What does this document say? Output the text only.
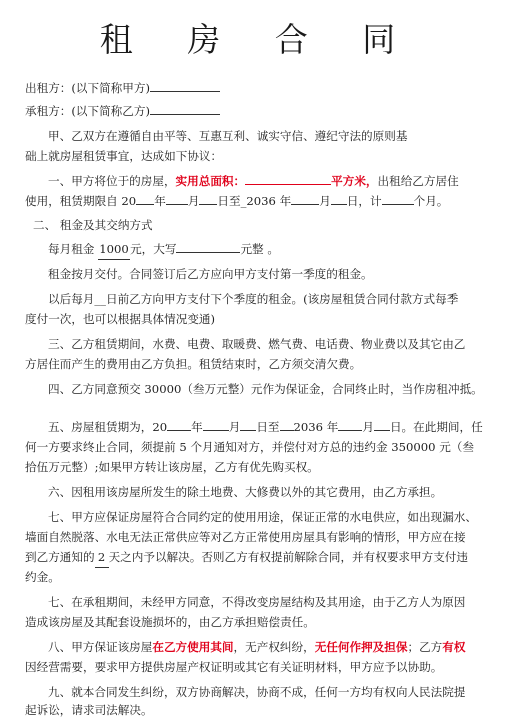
租 房 合 同
出租方：(以下简称甲方)
承租方：(以下简称乙方)
甲、乙双方在遵循自由平等、互惠互利、诚实守信、遵纪守法的原则基
础上就房屋租赁事宜，达成如下协议：
一、甲方将位于的房屋，实用总面积：	平方米，出租给乙方居住
使用，租赁期限自 20 年 月 日至_2036 年 月 日，计	个月。
二、 租金及其交纳方式
每月租金 1000元，大写	元整 。
租金按月交付。合同签订后乙方应向甲方支付第一季度的租金。
以后每月__日前乙方向甲方支付下个季度的租金。(该房屋租赁合同付款方式每季
度付一次，也可以根据具体情况变通)
三、乙方租赁期间，水费、电费、取暖费、燃气费、电话费、物业费以及其它由乙
方居住而产生的费用由乙方负担。租赁结束时，乙方须交清欠费。
四、乙方同意预交 30000（叁万元整）元作为保证金，合同终止时，当作房租冲抵。
五、房屋租赁期为，20 年 月 日至 2036 年 月 日。在此期间，任
何一方要求终止合同，须提前 5 个月通知对方，并偿付对方总的违约金 350000 元（叁
拾伍万元整）;如果甲方转让该房屋，乙方有优先购买权。
六、因租用该房屋所发生的除土地费、大修费以外的其它费用，由乙方承担。
七、甲方应保证房屋符合合同约定的使用用途，保证正常的水电供应，如出现漏水、
墙面自然脱落、水电无法正常供应等对乙方正常使用房屋具有影响的情形，甲方应在接
到乙方通知的 2 天之内予以解决。否则乙方有权提前解除合同，并有权要求甲方支付违
约金。
七、在承租期间，未经甲方同意，不得改变房屋结构及其用途，由于乙方人为原因
造成该房屋及其配套设施损坏的，由乙方承担赔偿责任。
八、甲方保证该房屋在乙方使用其间，无产权纠纷，无任何作押及担保；乙方有权
因经营需要，要求甲方提供房屋产权证明或其它有关证明材料，甲方应予以协助。
九、就本合同发生纠纷，双方协商解决，协商不成，任何一方均有权向人民法院提
起诉讼，请求司法解决。
